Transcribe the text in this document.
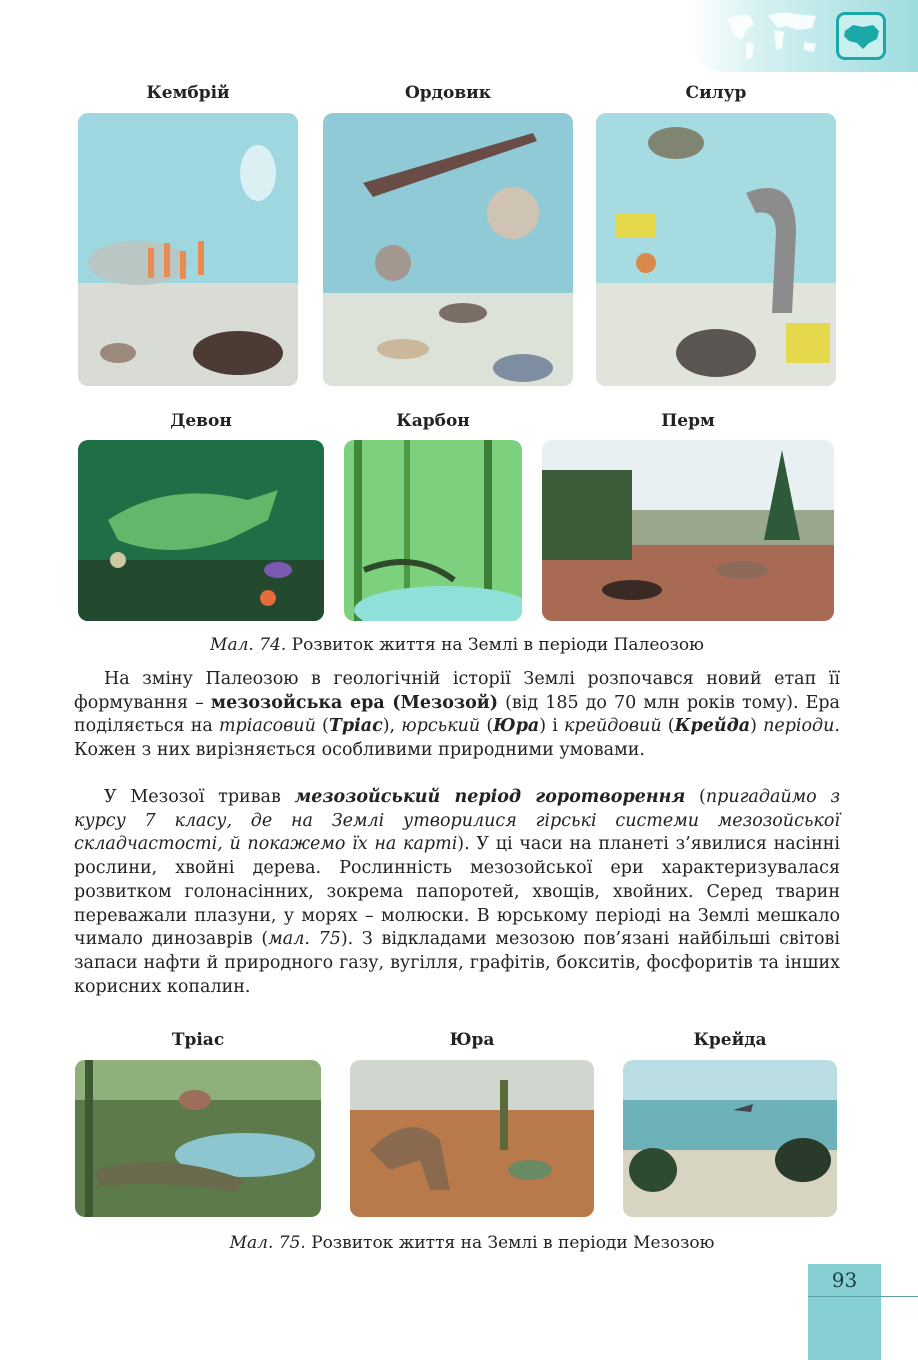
Кембрій	Ордовик	Силур
Девон	Карбон	Перм
Мал. 74. Розвиток життя на Землі в періоди Палеозою
На зміну Палеозою в геологічній історії Землі розпочався новий етап її формування – мезозойська ера (Мезозой) (від 185 до 70 млн років тому). Ера поділяється на тріасовий (Тріас), юрський (Юра) і крейдовий (Крейда) періоди. Кожен з них вирізняється особливими природними умовами.
У Мезозої тривав мезозойський період горотворення (пригадаймо з курсу 7 класу, де на Землі утворилися гірські системи мезозойської складчастості, й покажемо їх на карті). У ці часи на планеті з’явилися насінні рослини, хвойні дерева. Рослинність мезозойської ери характеризувалася розвитком голонасінних, зокрема папоротей, хвощів, хвойних. Серед тварин переважали плазуни, у морях – молюски. В юрському періоді на Землі мешкало чимало динозаврів (мал. 75). З відкладами мезозою пов’язані найбільші світові запаси нафти й природного газу, вугілля, графітів, бокситів, фосфоритів та інших корисних копалин.
Тріас	Юра	Крейда
Мал. 75. Розвиток життя на Землі в періоди Мезозою
93
